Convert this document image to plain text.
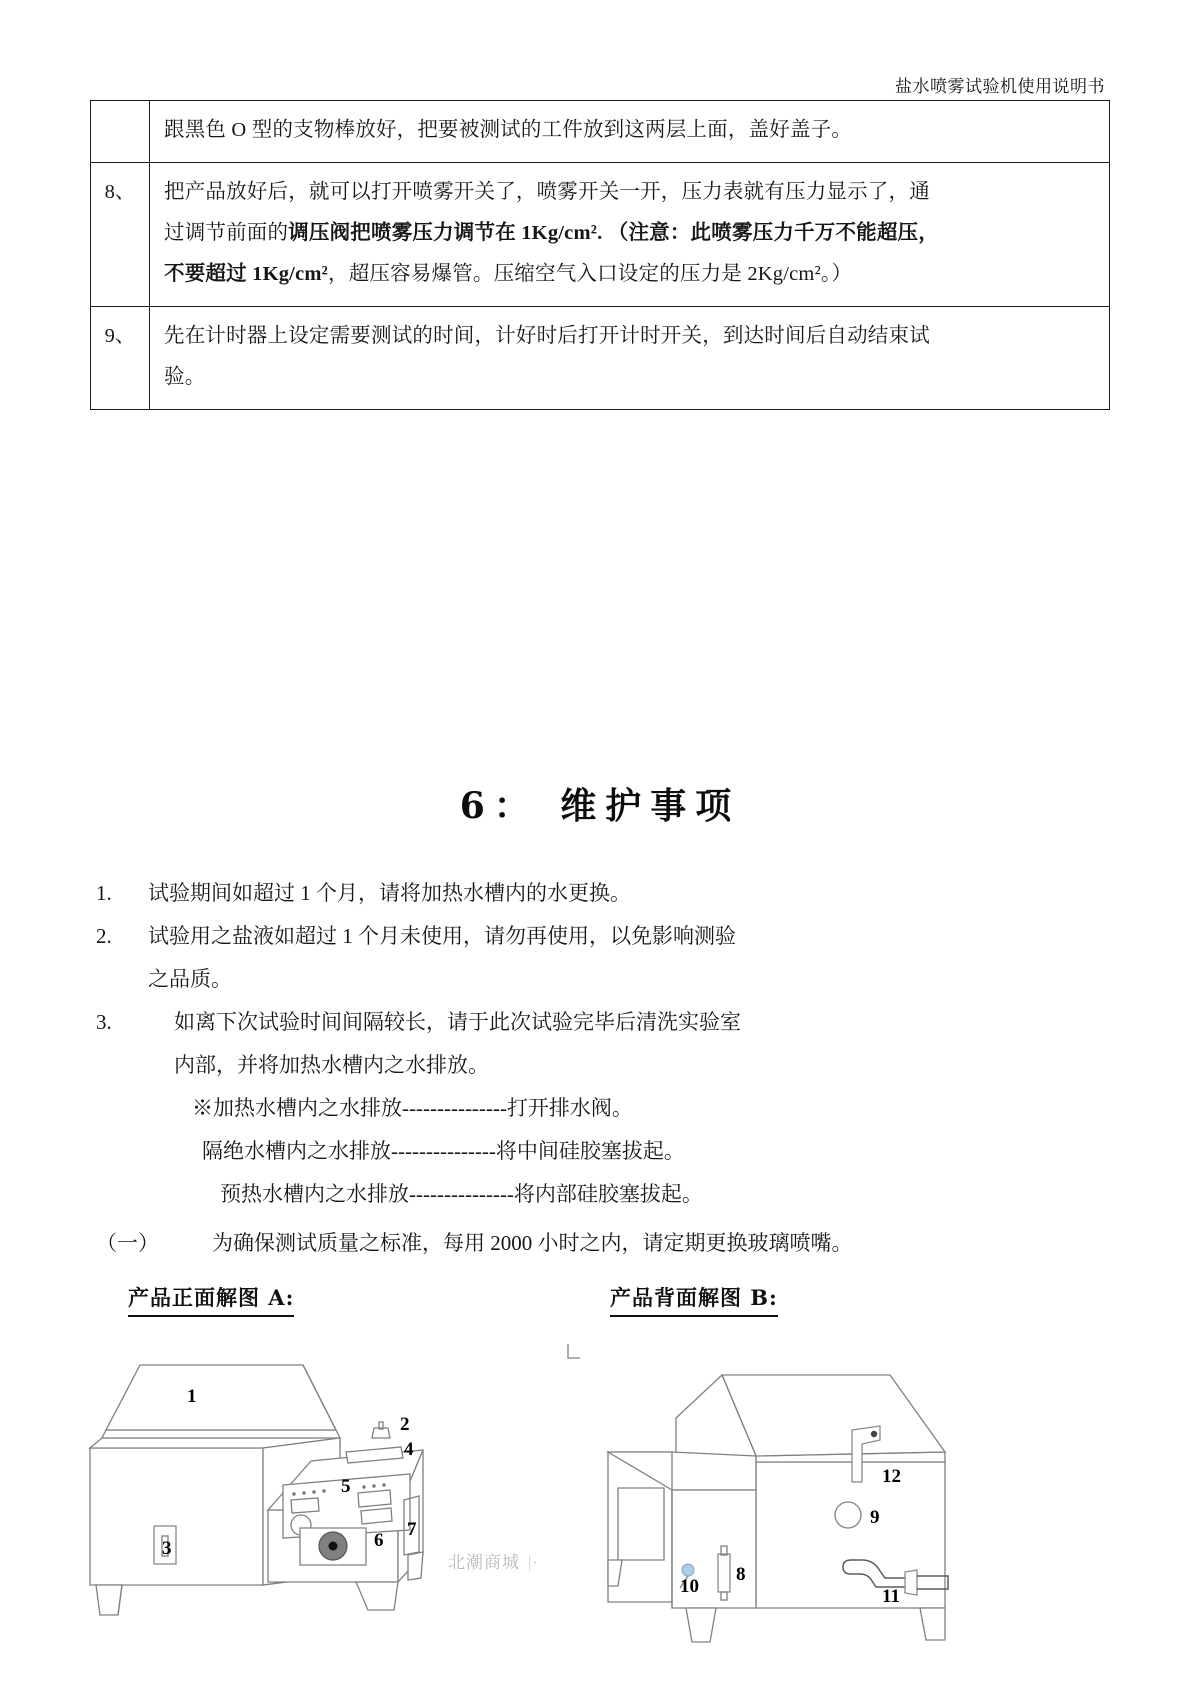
盐水喷雾试验机使用说明书

	跟黑色 O 型的支物棒放好，把要被测试的工件放到这两层上面，盖好盖子。

8、	把产品放好后，就可以打开喷雾开关了，喷雾开关一开，压力表就有压力显示了，通
过调节前面的调压阀把喷雾压力调节在 1Kg/cm². （注意：此喷雾压力千万不能超压，
不要超过 1Kg/cm²，超压容易爆管。压缩空气入口设定的压力是 2Kg/cm²。）

9、	先在计时器上设定需要测试的时间，计好时后打开计时开关，到达时间后自动结束试
验。
6： 维护事项
1.	试验期间如超过 1 个月，请将加热水槽内的水更换。
2.	试验用之盐液如超过 1 个月未使用，请勿再使用，以免影响测验
之品质。
3.	如离下次试验时间间隔较长，请于此次试验完毕后清洗实验室
内部，并将加热水槽内之水排放。
※加热水槽内之水排放---------------打开排水阀。
隔绝水槽内之水排放---------------将中间硅胶塞拔起。
预热水槽内之水排放---------------将内部硅胶塞拔起。
（一）	为确保测试质量之标准，每用 2000 小时之内，请定期更换玻璃喷嘴。
产品正面解图 A:	产品背面解图 B:
1
2
3
4
5
6
7
8
9
10	11
12
北潮商城 |·
